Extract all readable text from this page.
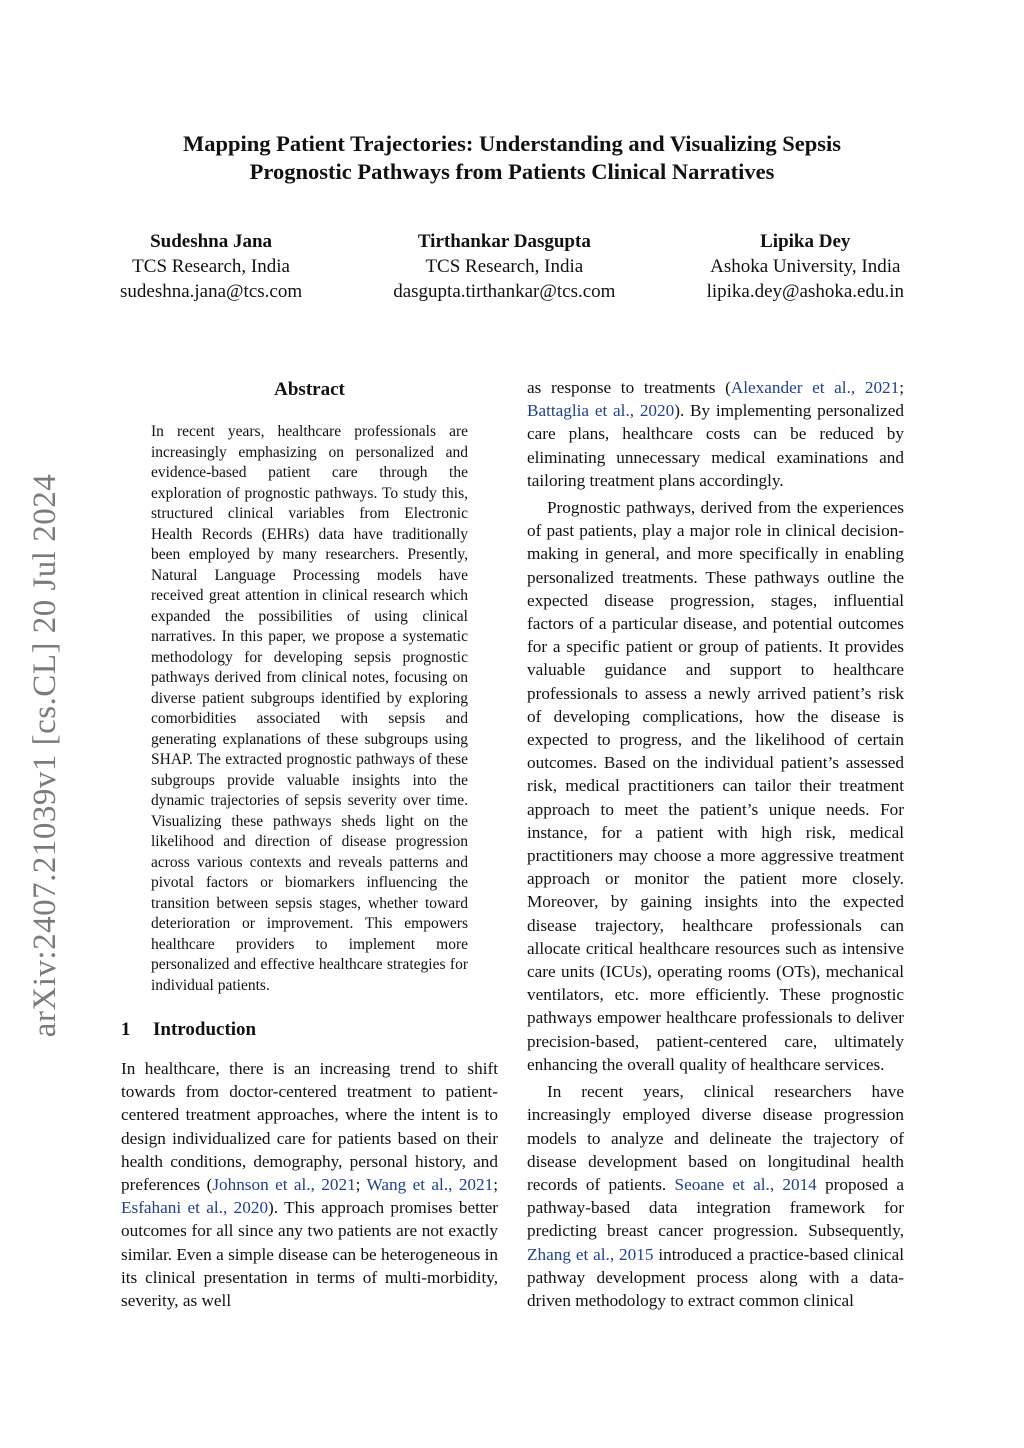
arXiv:2407.21039v1 [cs.CL] 20 Jul 2024
Mapping Patient Trajectories: Understanding and Visualizing Sepsis
Prognostic Pathways from Patients Clinical Narratives
Sudeshna Jana
TCS Research, India
sudeshna.jana@tcs.com
Tirthankar Dasgupta
TCS Research, India
dasgupta.tirthankar@tcs.com
Lipika Dey
Ashoka University, India
lipika.dey@ashoka.edu.in
Abstract
In recent years, healthcare professionals are increasingly emphasizing on personalized and evidence-based patient care through the exploration of prognostic pathways. To study this, structured clinical variables from Electronic Health Records (EHRs) data have traditionally been employed by many researchers. Presently, Natural Language Processing models have received great attention in clinical research which expanded the possibilities of using clinical narratives. In this paper, we propose a systematic methodology for developing sepsis prognostic pathways derived from clinical notes, focusing on diverse patient subgroups identified by exploring comorbidities associated with sepsis and generating explanations of these subgroups using SHAP. The extracted prognostic pathways of these subgroups provide valuable insights into the dynamic trajectories of sepsis severity over time. Visualizing these pathways sheds light on the likelihood and direction of disease progression across various contexts and reveals patterns and pivotal factors or biomarkers influencing the transition between sepsis stages, whether toward deterioration or improvement. This empowers healthcare providers to implement more personalized and effective healthcare strategies for individual patients.
1 Introduction

In healthcare, there is an increasing trend to shift towards from doctor-centered treatment to patient-centered treatment approaches, where the intent is to design individualized care for patients based on their health conditions, demography, personal history, and preferences (Johnson et al., 2021; Wang et al., 2021; Esfahani et al., 2020). This approach promises better outcomes for all since any two patients are not exactly similar. Even a simple disease can be heterogeneous in its clinical presentation in terms of multi-morbidity, severity, as well

as response to treatments (Alexander et al., 2021; Battaglia et al., 2020). By implementing personalized care plans, healthcare costs can be reduced by eliminating unnecessary medical examinations and tailoring treatment plans accordingly.

Prognostic pathways, derived from the experiences of past patients, play a major role in clinical decision-making in general, and more specifically in enabling personalized treatments. These pathways outline the expected disease progression, stages, influential factors of a particular disease, and potential outcomes for a specific patient or group of patients. It provides valuable guidance and support to healthcare professionals to assess a newly arrived patient’s risk of developing complications, how the disease is expected to progress, and the likelihood of certain outcomes. Based on the individual patient’s assessed risk, medical practitioners can tailor their treatment approach to meet the patient’s unique needs. For instance, for a patient with high risk, medical practitioners may choose a more aggressive treatment approach or monitor the patient more closely. Moreover, by gaining insights into the expected disease trajectory, healthcare professionals can allocate critical healthcare resources such as intensive care units (ICUs), operating rooms (OTs), mechanical ventilators, etc. more efficiently. These prognostic pathways empower healthcare professionals to deliver precision-based, patient-centered care, ultimately enhancing the overall quality of healthcare services.

In recent years, clinical researchers have increasingly employed diverse disease progression models to analyze and delineate the trajectory of disease development based on longitudinal health records of patients. Seoane et al., 2014 proposed a pathway-based data integration framework for predicting breast cancer progression. Subsequently, Zhang et al., 2015 introduced a practice-based clinical pathway development process along with a data-driven methodology to extract common clinical
